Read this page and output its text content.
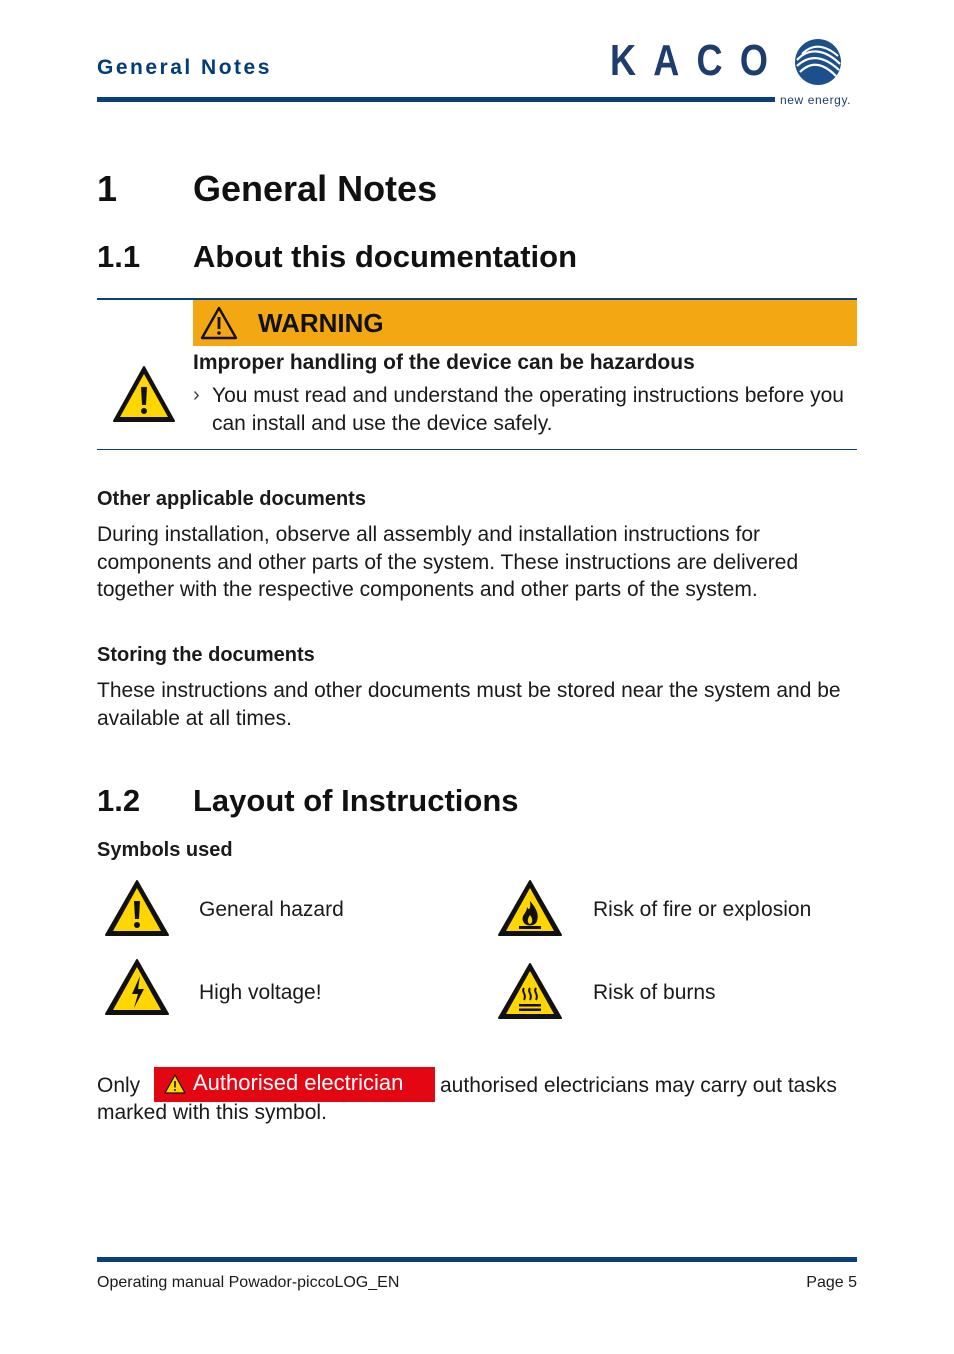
General Notes	KACO
new energy.
1 General Notes
1.1 About this documentation
WARNING
Improper handling of the device can be hazardous
› You must read and understand the operating instructions before you can install and use the device safely.
Other applicable documents
During installation, observe all assembly and installation instructions for components and other parts of the system. These instructions are delivered together with the respective components and other parts of the system.
Storing the documents
These instructions and other documents must be stored near the system and be available at all times.
1.2 Layout of Instructions
Symbols used
General hazard	Risk of fire or explosion
High voltage!	Risk of burns
Only	Authorised electrician authorised electricians may carry out tasks
marked with this symbol.
Operating manual Powador-piccoLOG_EN	Page 5
